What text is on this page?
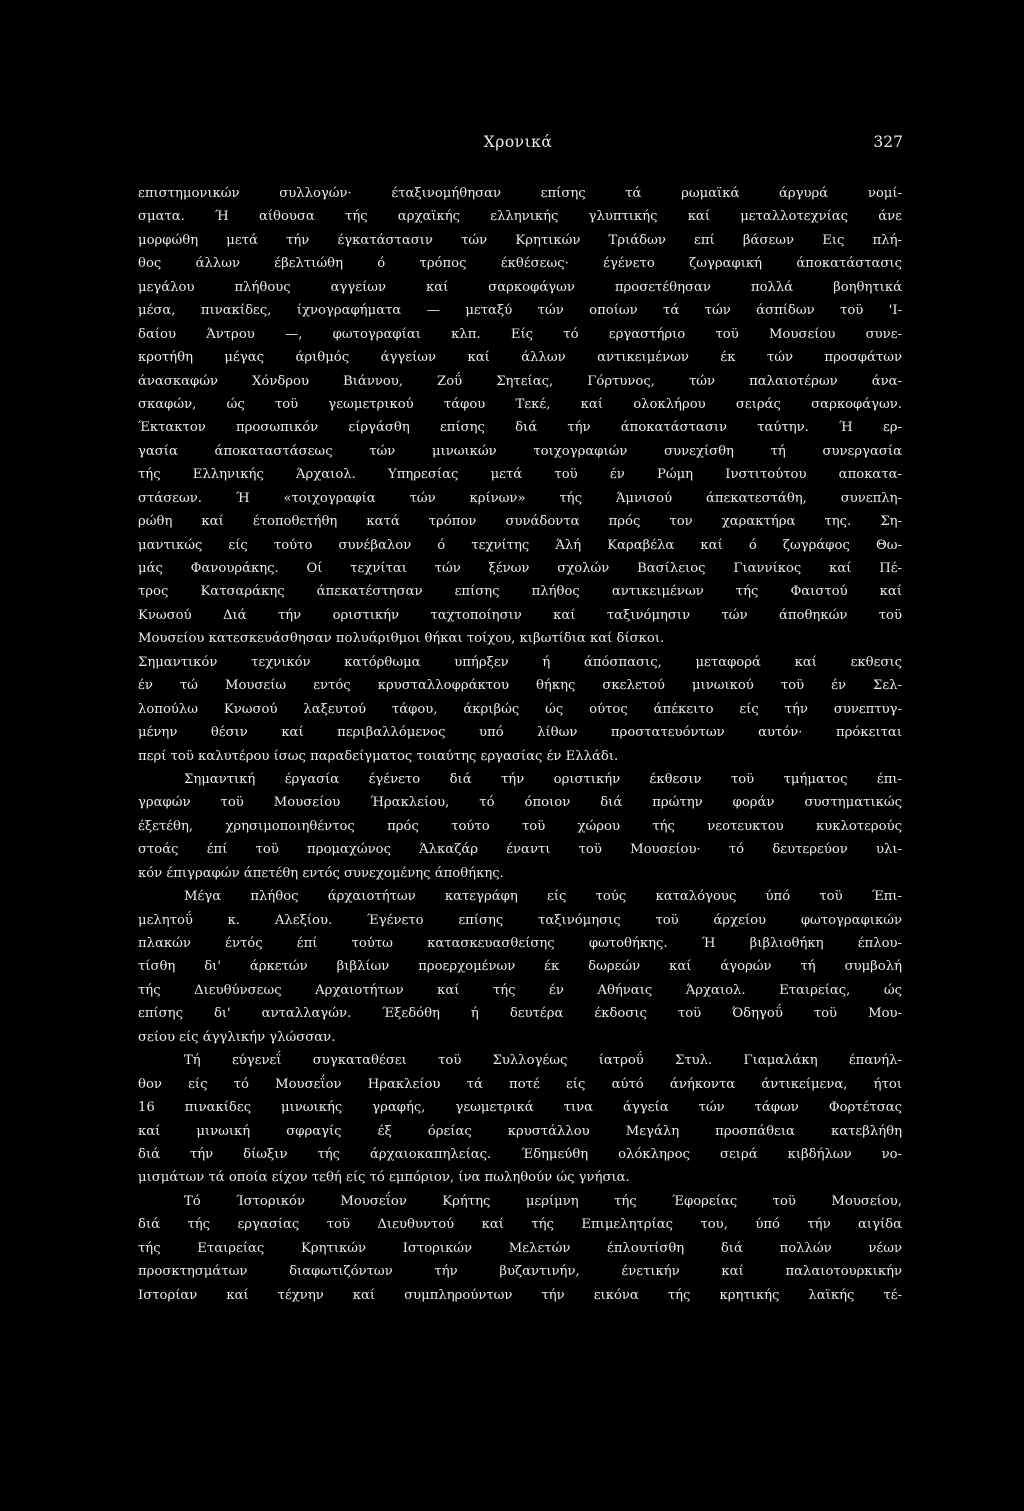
Χρονικά	327
επιστημονικών συλλογών· έταξινομήθησαν επίσης τά ρωμαϊκά άργυρά νομί-
σματα. Ή αίθουσα τής αρχαϊκής ελληνικής γλυπτικής καί μεταλλοτεχνίας άνε
μορφώθη μετά τήν έγκατάστασιν τών Κρητικών Τριάδων επί βάσεων Εις πλή-
θος άλλων έβελτιώθη ό τρόπος έκθέσεως· έγένετο ζωγραφική άποκατάστασις
μεγάλου πλήθους αγγείων καί σαρκοφάγων προσετέθησαν πολλά βοηθητικά
μέσα, πινακίδες, ίχνογραφήματα — μεταξύ τών οποίων τά τών άσπίδων τοϋ 'Ι-
δαίου Άντρου —, φωτογραφίαι κλπ. Είς τό εργαστήριο τοϋ Μουσείου συνε-
κροτήθη μέγας άριθμός άγγείων καί άλλων αντικειμένων έκ τών προσφάτων
άνασκαφών Χόνδρου Βιάννου, Ζοΰ Σητείας, Γόρτυνος, τών παλαιοτέρων άνα-
σκαφών, ώς τοϋ γεωμετρικού τάφου Τεκέ, καί ολοκλήρου σειράς σαρκοφάγων.
Έκτακτον προσωπικόν είργάσθη επίσης διά τήν άποκατάστασιν ταύτην. Ή ερ-
γασία άποκαταστάσεως τών μινωικών τοιχογραφιών συνεχίσθη τή συνεργασία
τής Ελληνικής Άρχαιολ. Υπηρεσίας μετά τοϋ έν Ρώμη Ινστιτούτου αποκατα-
στάσεων. Ή «τοιχογραφία τών κρίνων» τής Άμνισού άπεκατεστάθη, συνεπλη-
ρώθη καί έτοποθετήθη κατά τρόπον συνάδοντα πρός τον χαρακτήρα της. Ση-
μαντικώς είς τούτο συνέβαλον ό τεχνίτης Άλή Καραβέλα καί ό ζωγράφος Θω-
μάς Φανουράκης. Οί τεχνίται τών ξένων σχολών Βασίλειος Γιαννίκος καί Πέ-
τρος Κατσαράκης άπεκατέστησαν επίσης πλήθος αντικειμένων τής Φαιστού καί
Κνωσού Διά τήν οριστικήν ταχτοποίησιν καί ταξινόμησιν τών άποθηκών τοϋ
Μουσείου κατεσκευάσθησαν πολυάριθμοι θήκαι τοίχου, κιβωτίδια καί δίσκοι.
Σημαντικόν τεχνικόν κατόρθωμα υπήρξεν ή άπόσπασις, μεταφορά καί εκθεσις
έν τώ Μουσείω εντός κρυσταλλοφράκτου θήκης σκελετού μινωικού τοϋ έν Σελ-
λοπούλω Κνωσού λαξευτού τάφου, άκριβώς ώς ούτος άπέκειτο είς τήν συνεπτυγ-
μένην θέσιν καί περιβαλλόμενος υπό λίθων προστατευόντων αυτόν· πρόκειται
περί τοϋ καλυτέρου ίσως παραδείγματος τοιαύτης εργασίας έν Ελλάδι.
Σημαντική έργασία έγένετο διά τήν οριστικήν έκθεσιν τοϋ τμήματος έπι-
γραφών τοϋ Μουσείου Ήρακλείου, τό όποιον διά πρώτην φοράν συστηματικώς
έξετέθη, χρησιμοποιηθέντος πρός τούτο τοϋ χώρου τής νεοτευκτου κυκλοτερούς
στοάς έπί τοϋ προμαχώνος Άλκαζάρ έναντι τοϋ Μουσείου· τό δευτερεύον υλι-
κόν έπιγραφών άπετέθη εντός συνεχομένης άποθήκης.
Μέγα πλήθος άρχαιοτήτων κατεγράφη είς τούς καταλόγους ύπό τοϋ Έπι-
μελητοΰ κ. Αλεξίου. Έγένετο επίσης ταξινόμησις τοϋ άρχείου φωτογραφικών
πλακών έντός έπί τούτω κατασκευασθείσης φωτοθήκης. Ή βιβλιοθήκη έπλου-
τίσθη δι' άρκετών βιβλίων προερχομένων έκ δωρεών καί άγορών τή συμβολή
τής Διευθύνσεως Αρχαιοτήτων καί τής έν Αθήναις Άρχαιολ. Εταιρείας, ώς
επίσης δι' ανταλλαγών. Έξεδόθη ή δευτέρα έκδοσις τοϋ Όδηγοΰ τοϋ Μου-
σείου είς άγγλικήν γλώσσαν.
Τή εύγενεΐ συγκαταθέσει τοϋ Συλλογέως ίατροΰ Στυλ. Γιαμαλάκη έπανήλ-
θον είς τό Μουσεΐον Ηρακλείου τά ποτέ είς αύτό άνήκοντα άντικείμενα, ήτοι
16 πινακίδες μινωικής γραφής, γεωμετρικά τινα άγγεία τών τάφων Φορτέτσας
καί μινωική σφραγίς έξ όρείας κρυστάλλου Μεγάλη προσπάθεια κατεβλήθη
διά τήν δίωξιν τής άρχαιοκαπηλείας. Έδημεύθη ολόκληρος σειρά κιβδήλων νο-
μισμάτων τά οποία είχον τεθή είς τό εμπόριον, ίνα πωληθούν ώς γνήσια.
Τό Ίστορικόν Μουσεΐον Κρήτης μερίμνη τής Έφορείας τοϋ Μουσείου,
διά τής εργασίας τοϋ Διευθυντού καί τής Επιμελητρίας του, ύπό τήν αιγίδα
τής Εταιρείας Κρητικών Ιστορικών Μελετών έπλουτίσθη διά πολλών νέων
προσκτησμάτων διαφωτιζόντων τήν βυζαντινήν, ένετικήν καί παλαιοτουρκικήν
Ιστορίαν καί τέχνην καί συμπληρούντων τήν εικόνα τής κρητικής λαϊκής τέ-
